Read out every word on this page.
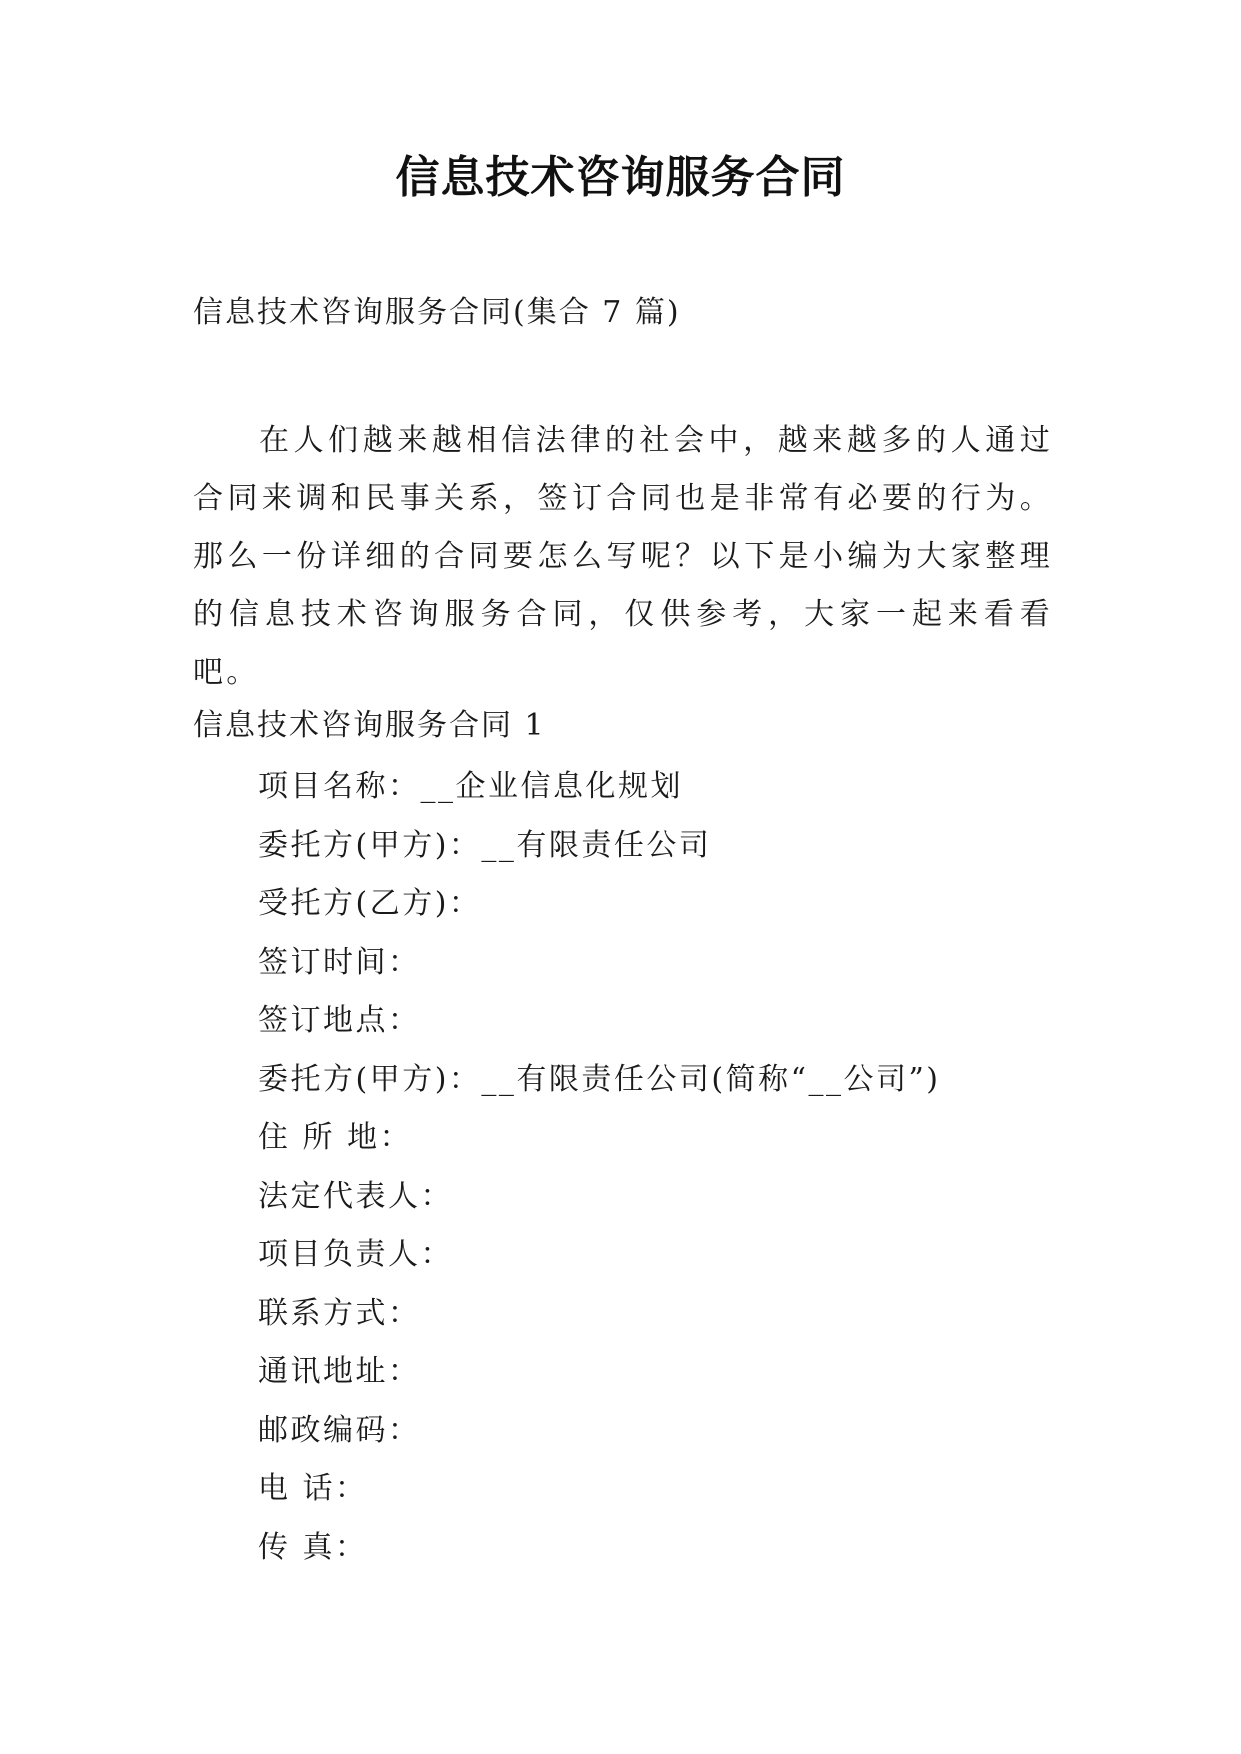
信息技术咨询服务合同
信息技术咨询服务合同(集合 7 篇)

在人们越来越相信法律的社会中，越来越多的人通过合同来调和民事关系，签订合同也是非常有必要的行为。那么一份详细的合同要怎么写呢？以下是小编为大家整理的信息技术咨询服务合同，仅供参考，大家一起来看看吧。

信息技术咨询服务合同 1
项目名称：__企业信息化规划
委托方(甲方)：__有限责任公司
受托方(乙方)：
签订时间：
签订地点：
委托方(甲方)：__有限责任公司(简称“__公司”)
住 所 地：
法定代表人：
项目负责人：
联系方式：
通讯地址：
邮政编码：
电 话：
传 真：
